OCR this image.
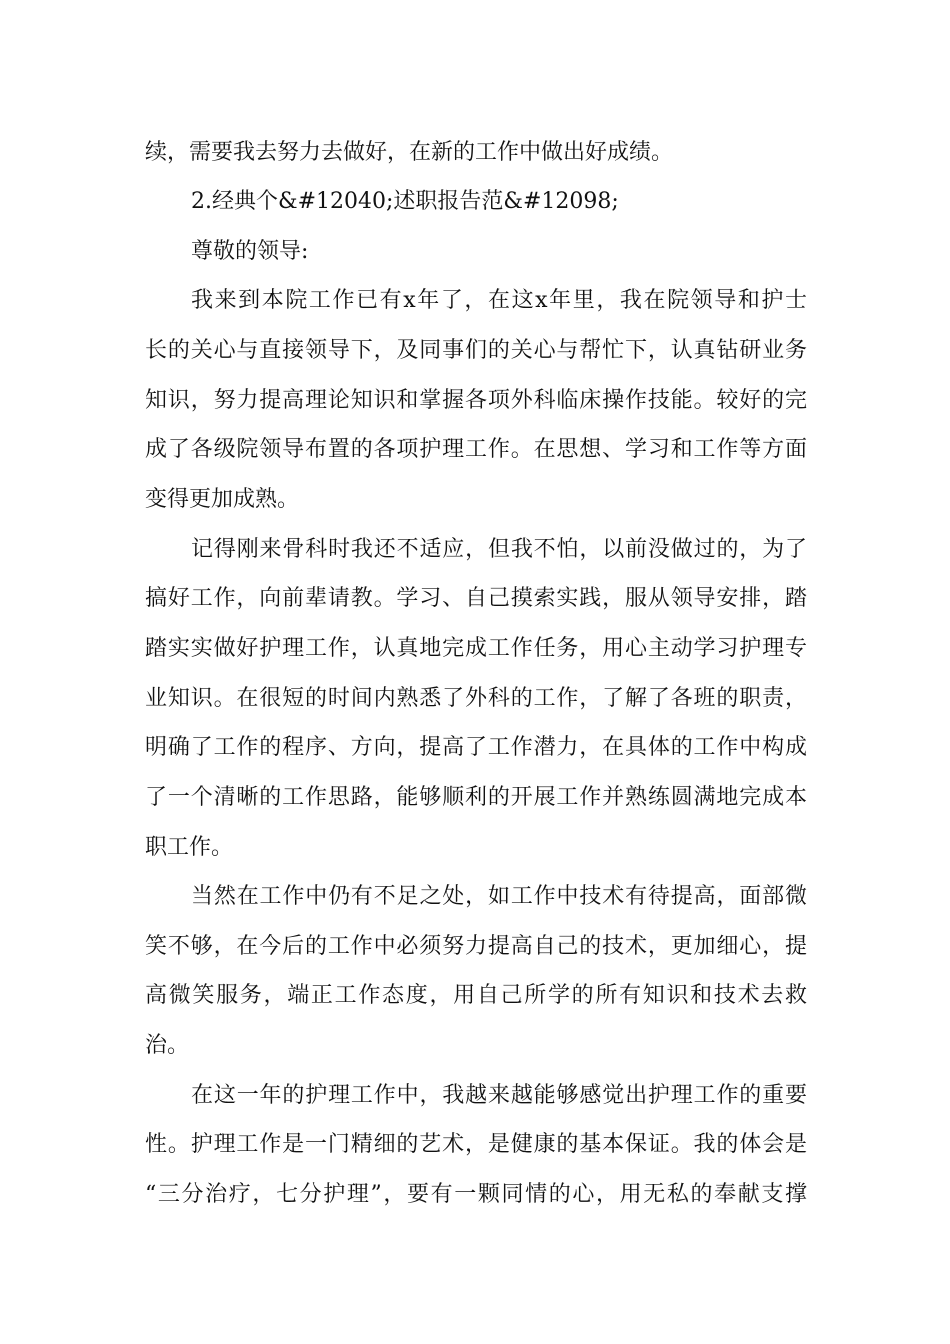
续，需要我去努力去做好，在新的工作中做出好成绩。
2.经典个&#12040;述职报告范&#12098;
尊敬的领导:
我来到本院工作已有x年了，在这x年里，我在院领导和护士
长的关心与直接领导下，及同事们的关心与帮忙下，认真钻研业务
知识，努力提高理论知识和掌握各项外科临床操作技能。较好的完
成了各级院领导布置的各项护理工作。在思想、学习和工作等方面
变得更加成熟。
记得刚来骨科时我还不适应，但我不怕，以前没做过的，为了
搞好工作，向前辈请教。学习、自己摸索实践，服从领导安排，踏
踏实实做好护理工作，认真地完成工作任务，用心主动学习护理专
业知识。在很短的时间内熟悉了外科的工作，了解了各班的职责，
明确了工作的程序、方向，提高了工作潜力，在具体的工作中构成
了一个清晰的工作思路，能够顺利的开展工作并熟练圆满地完成本
职工作。
当然在工作中仍有不足之处，如工作中技术有待提高，面部微
笑不够，在今后的工作中必须努力提高自己的技术，更加细心，提
高微笑服务，端正工作态度，用自己所学的所有知识和技术去救
治。
在这一年的护理工作中，我越来越能够感觉出护理工作的重要
性。护理工作是一门精细的艺术，是健康的基本保证。我的体会是
“三分治疗，七分护理”，要有一颗同情的心，用无私的奉献支撑
